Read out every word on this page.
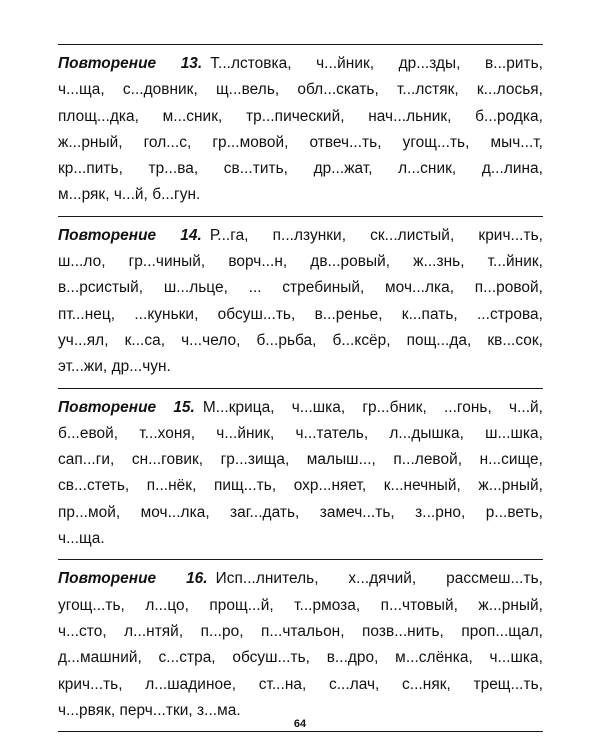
Повторение 13. Т...лстовка, ч...йник, др...зды, в...рить,
ч...ща, с...довник, щ...вель, обл...скать, т...лстяк, к...лосья,
площ...дка, м...сник, тр...пический, нач...льник, б...родка,
ж...рный, гол...с, гр...мовой, отвеч...ть, угощ...ть, мыч...т,
кр...пить, тр...ва, св...тить, др...жат, л...сник, д...лина,
м...ряк, ч...й, б...гун.
Повторение 14. Р...га, п...лзунки, ск...листый, крич...ть,
ш...ло, гр...чиный, ворч...н, дв...ровый, ж...знь, т...йник,
в...рсистый, ш...льце, ... стребиный, моч...лка, п...ровой,
пт...нец, ...куньки, обсуш...ть, в...ренье, к...пать, ...строва,
уч...ял, к...са, ч...чело, б...рьба, б...ксёр, пощ...да, кв...сок,
эт...жи, др...чун.
Повторение 15. М...крица, ч...шка, гр...бник, ...гонь, ч...й,
б...евой, т...хоня, ч...йник, ч...татель, л...дышка, ш...шка,
сап...ги, сн...говик, гр...зища, малыш..., п...левой, н...сище,
св...стеть, п...нёк, пищ...ть, охр...няет, к...нечный, ж...рный,
пр...мой, моч...лка, заг...дать, замеч...ть, з...рно, р...веть,
ч...ща.
Повторение 16. Исп...лнитель, х...дячий, рассмеш...ть,
угощ...ть, л...цо, прощ...й, т...рмоза, п...чтовый, ж...рный,
ч...сто, л...нтяй, п...ро, п...чтальон, позв...нить, проп...щал,
д...машний, с...стра, обсуш...ть, в...дро, м...слёнка, ч...шка,
крич...ть, л...шадиное, ст...на, с...лач, с...няк, трещ...ть,
ч...рвяк, перч...тки, з...ма.
64
